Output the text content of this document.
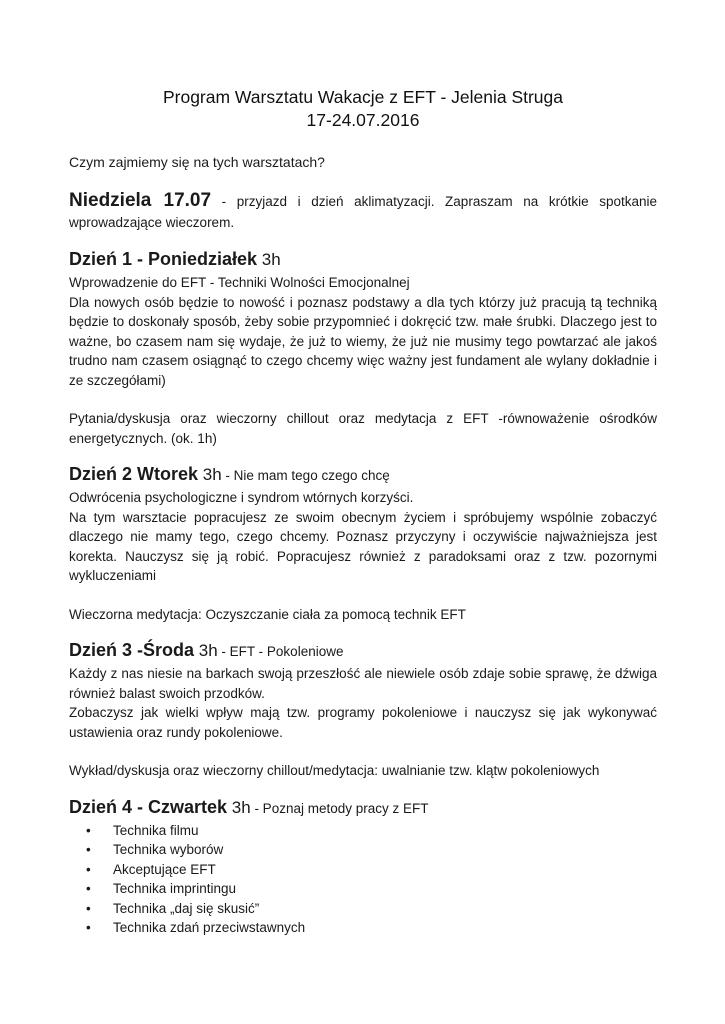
Program Warsztatu Wakacje z EFT - Jelenia Struga
17-24.07.2016

Czym zajmiemy się na tych warsztatach?

Niedziela 17.07 - przyjazd i dzień aklimatyzacji. Zapraszam na krótkie spotkanie wprowadzające wieczorem.

Dzień 1 - Poniedziałek 3h

Wprowadzenie do EFT - Techniki Wolności Emocjonalnej

Dla nowych osób będzie to nowość i poznasz podstawy a dla tych którzy już pracują tą techniką będzie to doskonały sposób, żeby sobie przypomnieć i dokręcić tzw. małe śrubki. Dlaczego jest to ważne, bo czasem nam się wydaje, że już to wiemy, że już nie musimy tego powtarzać ale jakoś trudno nam czasem osiągnąć to czego chcemy więc ważny jest fundament ale wylany dokładnie i ze szczegółami)

Pytania/dyskusja oraz wieczorny chillout oraz medytacja z EFT -równoważenie ośrodków energetycznych. (ok. 1h)

Dzień 2 Wtorek 3h - Nie mam tego czego chcę

Odwrócenia psychologiczne i syndrom wtórnych korzyści.

Na tym warsztacie popracujesz ze swoim obecnym życiem i spróbujemy wspólnie zobaczyć dlaczego nie mamy tego, czego chcemy. Poznasz przyczyny i oczywiście najważniejsza jest korekta. Nauczysz się ją robić. Popracujesz również z paradoksami oraz z tzw. pozornymi wykluczeniami

Wieczorna medytacja: Oczyszczanie ciała za pomocą technik EFT

Dzień 3 -Środa 3h - EFT - Pokoleniowe

Każdy z nas niesie na barkach swoją przeszłość ale niewiele osób zdaje sobie sprawę, że dźwiga również balast swoich przodków.

Zobaczysz jak wielki wpływ mają tzw. programy pokoleniowe i nauczysz się jak wykonywać ustawienia oraz rundy pokoleniowe.

Wykład/dyskusja oraz wieczorny chillout/medytacja: uwalnianie tzw. klątw pokoleniowych

Dzień 4 - Czwartek 3h - Poznaj metody pracy z EFT

• Technika filmu
• Technika wyborów
• Akceptujące EFT
• Technika imprintingu
• Technika „daj się skusić”
• Technika zdań przeciwstawnych
